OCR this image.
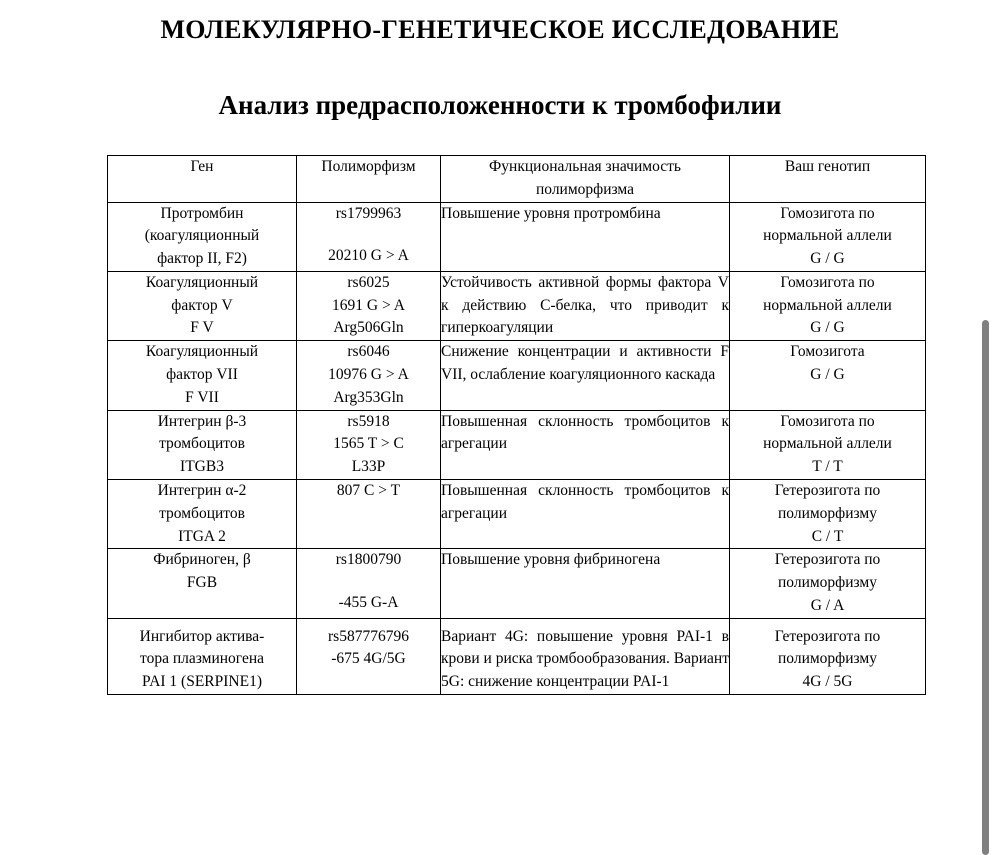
МОЛЕКУЛЯРНО-ГЕНЕТИЧЕСКОЕ ИССЛЕДОВАНИЕ
Анализ предрасположенности к тромбофилии
Ген	Полиморфизм	Функциональная значимость полиморфизма	Ваш генотип

Протромбин
(коагуляционный
фактор II, F2)	rs1799963
20210 G > A	Повышение уровня протромбина	Гомозигота по
нормальной аллели
G / G

Коагуляционный
фактор V
F V	rs6025
1691 G > A
Arg506Gln	Устойчивость активной формы фактора V к действию С-белка, что приводит к гиперкоагуляции	Гомозигота по
нормальной аллели
G / G

Коагуляционный
фактор VII
F VII	rs6046
10976 G > A
Arg353Gln	Снижение концентрации и активности F VII, ослабление коагуляционного каскада	Гомозигота
G / G

Интегрин β-3
тромбоцитов
ITGB3	rs5918
1565 T > C
L33P	Повышенная склонность тромбоцитов к агрегации	Гомозигота по
нормальной аллели
T / T

Интегрин α-2
тромбоцитов
ITGA 2	807 C > T	Повышенная склонность тромбоцитов к агрегации	Гетерозигота по
полиморфизму
C / T

Фибриноген, β
FGB	rs1800790
-455 G-A	Повышение уровня фибриногена	Гетерозигота по
полиморфизму
G / A

Ингибитор актива-
тора плазминогена
PAI 1 (SERPINE1)	rs587776796
-675 4G/5G	Вариант 4G: повышение уровня PAI-1 в крови и риска тромбообразования. Вариант 5G: снижение концентрации PAI-1	Гетерозигота по
полиморфизму
4G / 5G
